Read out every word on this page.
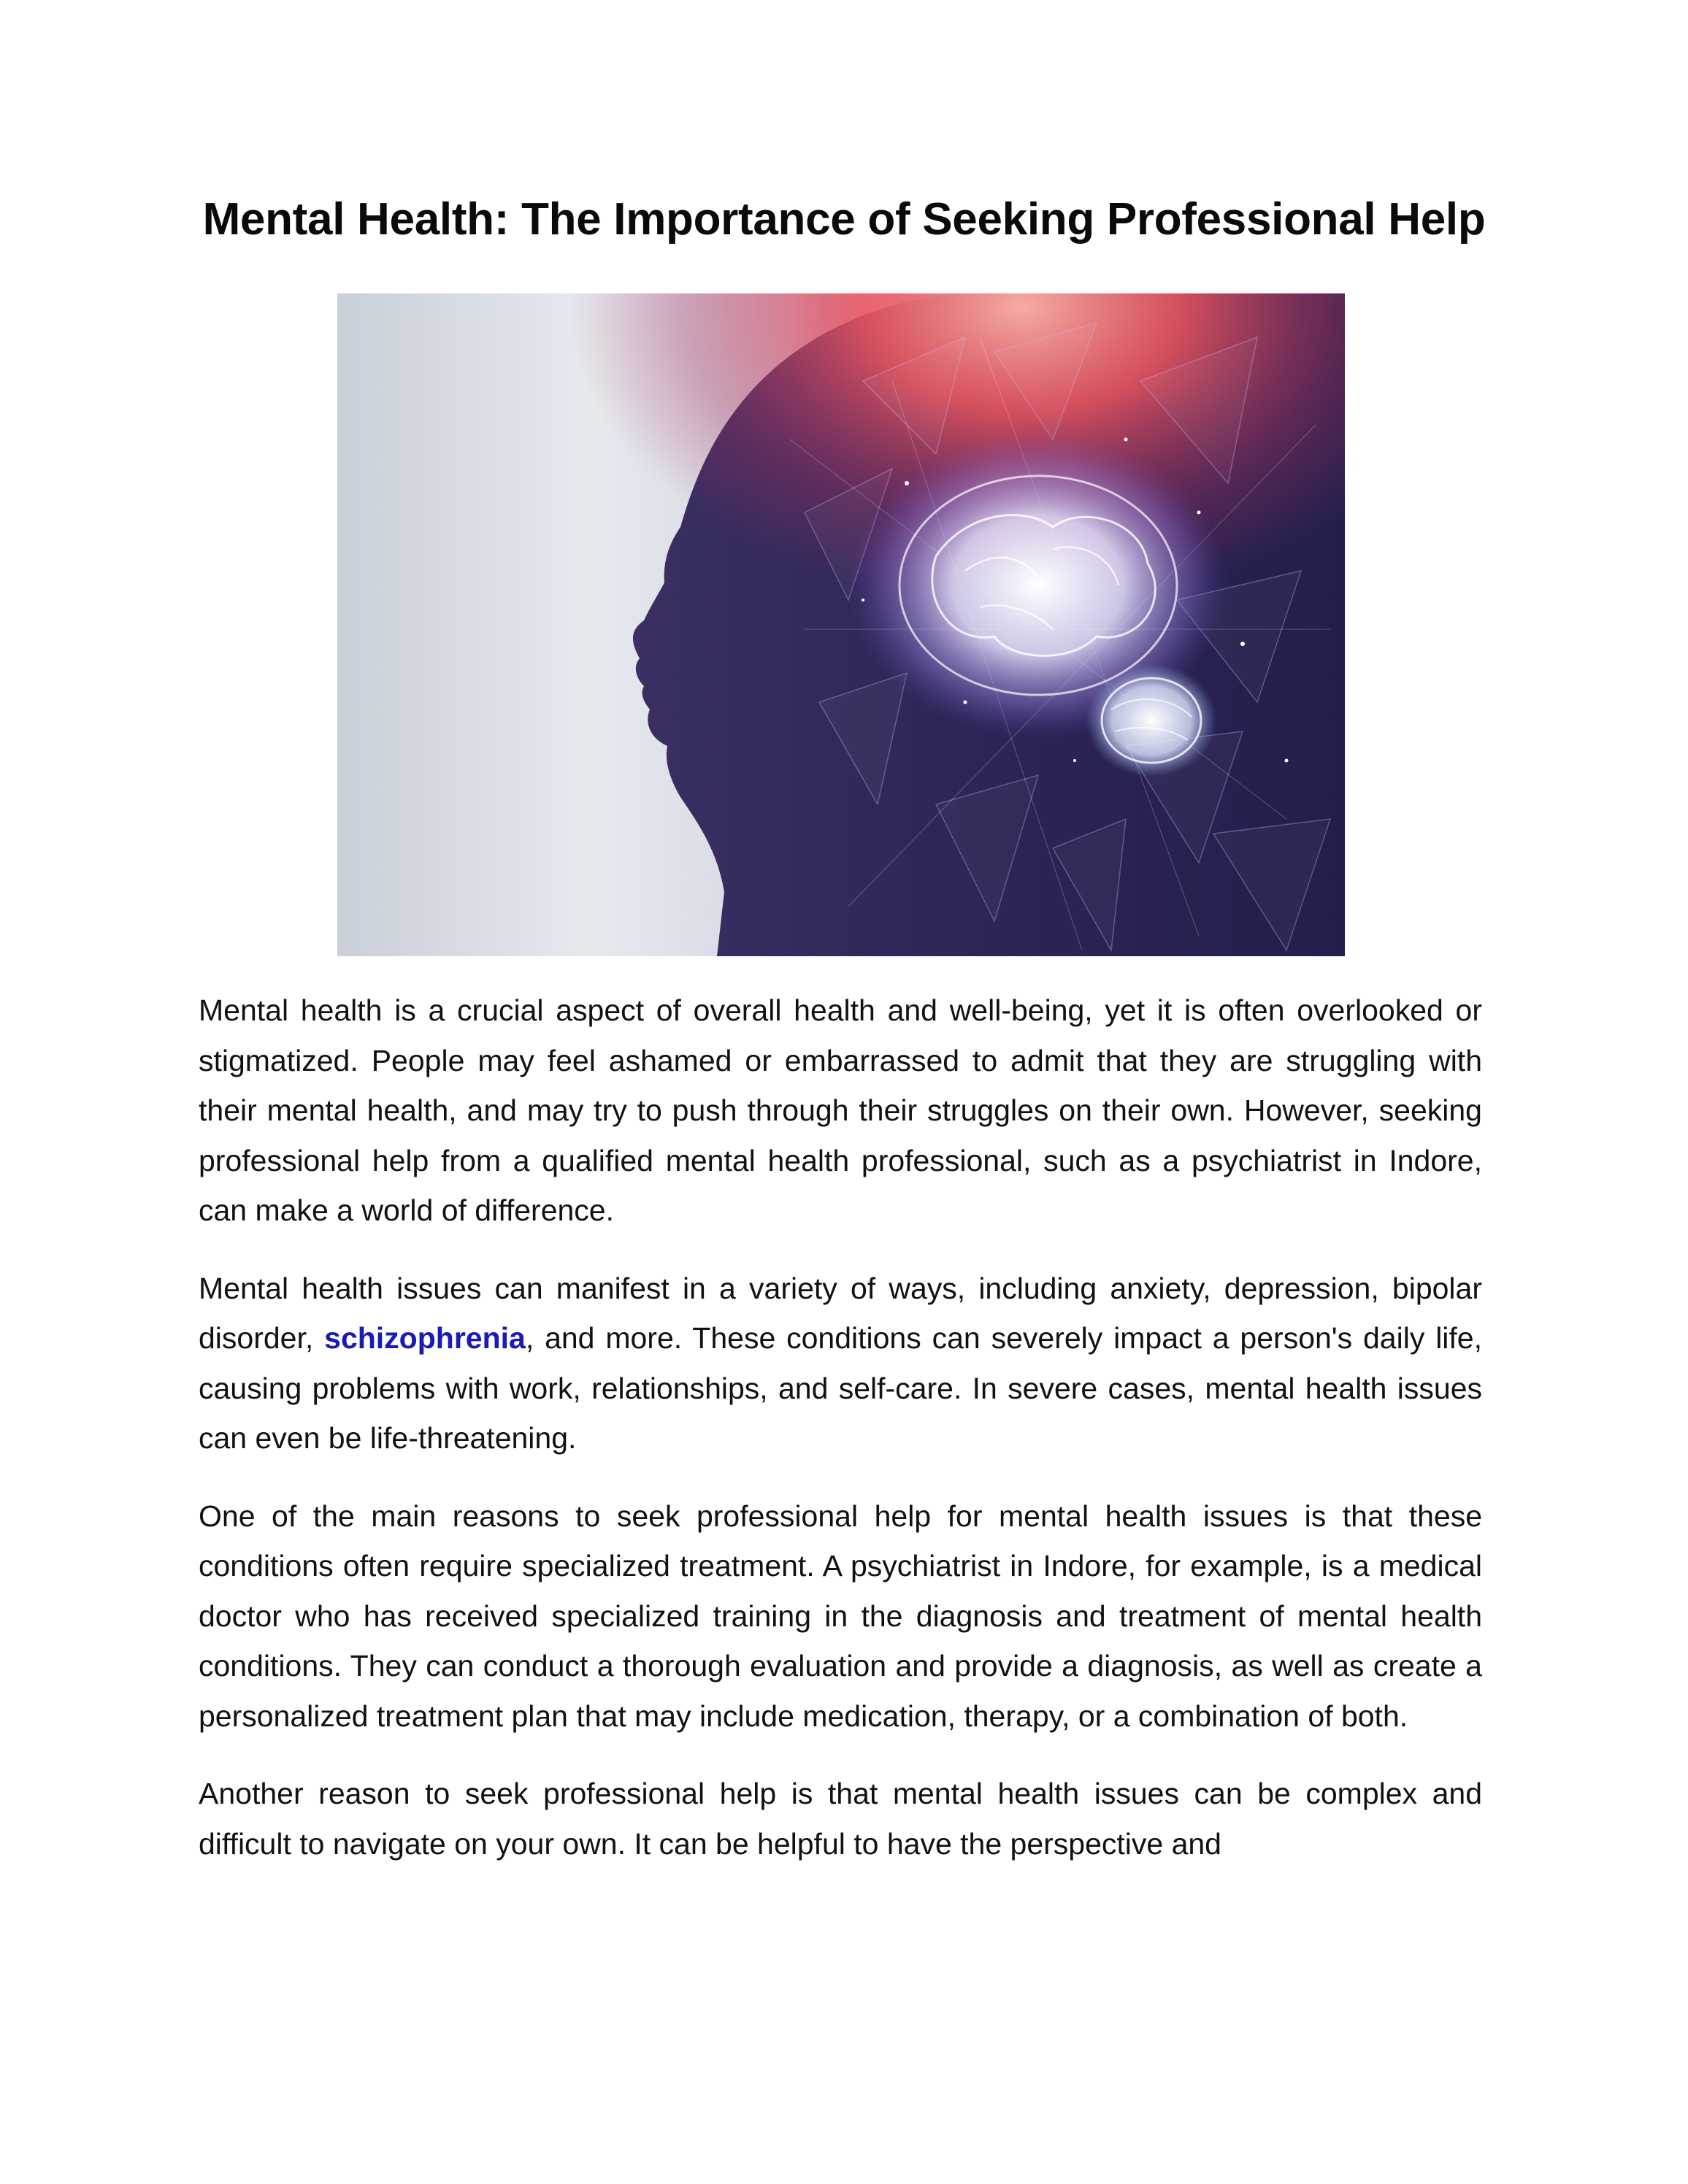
Mental Health: The Importance of Seeking Professional Help

Mental health is a crucial aspect of overall health and well-being, yet it is often overlooked or stigmatized. People may feel ashamed or embarrassed to admit that they are struggling with their mental health, and may try to push through their struggles on their own. However, seeking professional help from a qualified mental health professional, such as a psychiatrist in Indore, can make a world of difference.

Mental health issues can manifest in a variety of ways, including anxiety, depression, bipolar disorder, schizophrenia, and more. These conditions can severely impact a person's daily life, causing problems with work, relationships, and self-care. In severe cases, mental health issues can even be life-threatening.

One of the main reasons to seek professional help for mental health issues is that these conditions often require specialized treatment. A psychiatrist in Indore, for example, is a medical doctor who has received specialized training in the diagnosis and treatment of mental health conditions. They can conduct a thorough evaluation and provide a diagnosis, as well as create a personalized treatment plan that may include medication, therapy, or a combination of both.

Another reason to seek professional help is that mental health issues can be complex and difficult to navigate on your own. It can be helpful to have the perspective and
